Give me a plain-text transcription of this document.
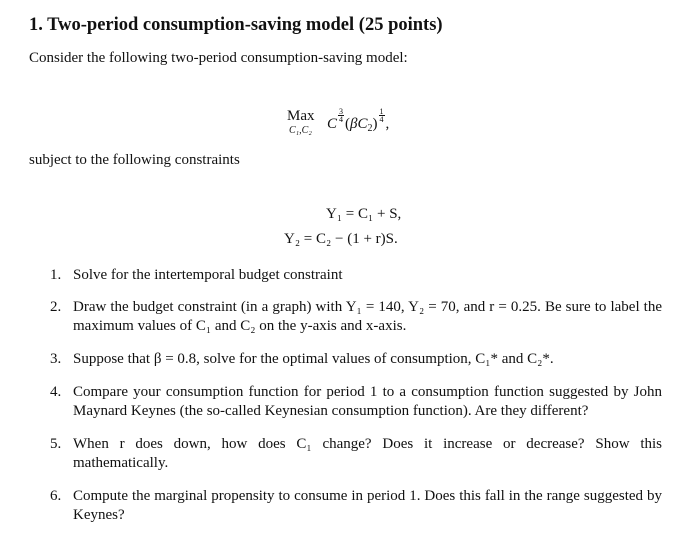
1. Two-period consumption-saving model (25 points)
Consider the following two-period consumption-saving model:
Max
C₁,C₂ C
$\frac{3}{4}$
$(\beta C_2)$
$\frac{1}{4}$
,
subject to the following constraints
Y₁ = C₁ + S,
Y₂ = C₂ − (1 + r)S.
1. Solve for the intertemporal budget constraint
2. Draw the budget constraint (in a graph) with Y₁ = 140, Y₂ = 70, and r = 0.25. Be sure to label the maximum values of C₁ and C₂ on the y-axis and x-axis.
3. Suppose that β = 0.8, solve for the optimal values of consumption, C₁* and C₂*.
4. Compare your consumption function for period 1 to a consumption function suggested by John Maynard Keynes (the so-called Keynesian consumption function). Are they different?
5. When r does down, how does C₁ change? Does it increase or decrease? Show this mathematically.
6. Compute the marginal propensity to consume in period 1. Does this fall in the range suggested by Keynes?
